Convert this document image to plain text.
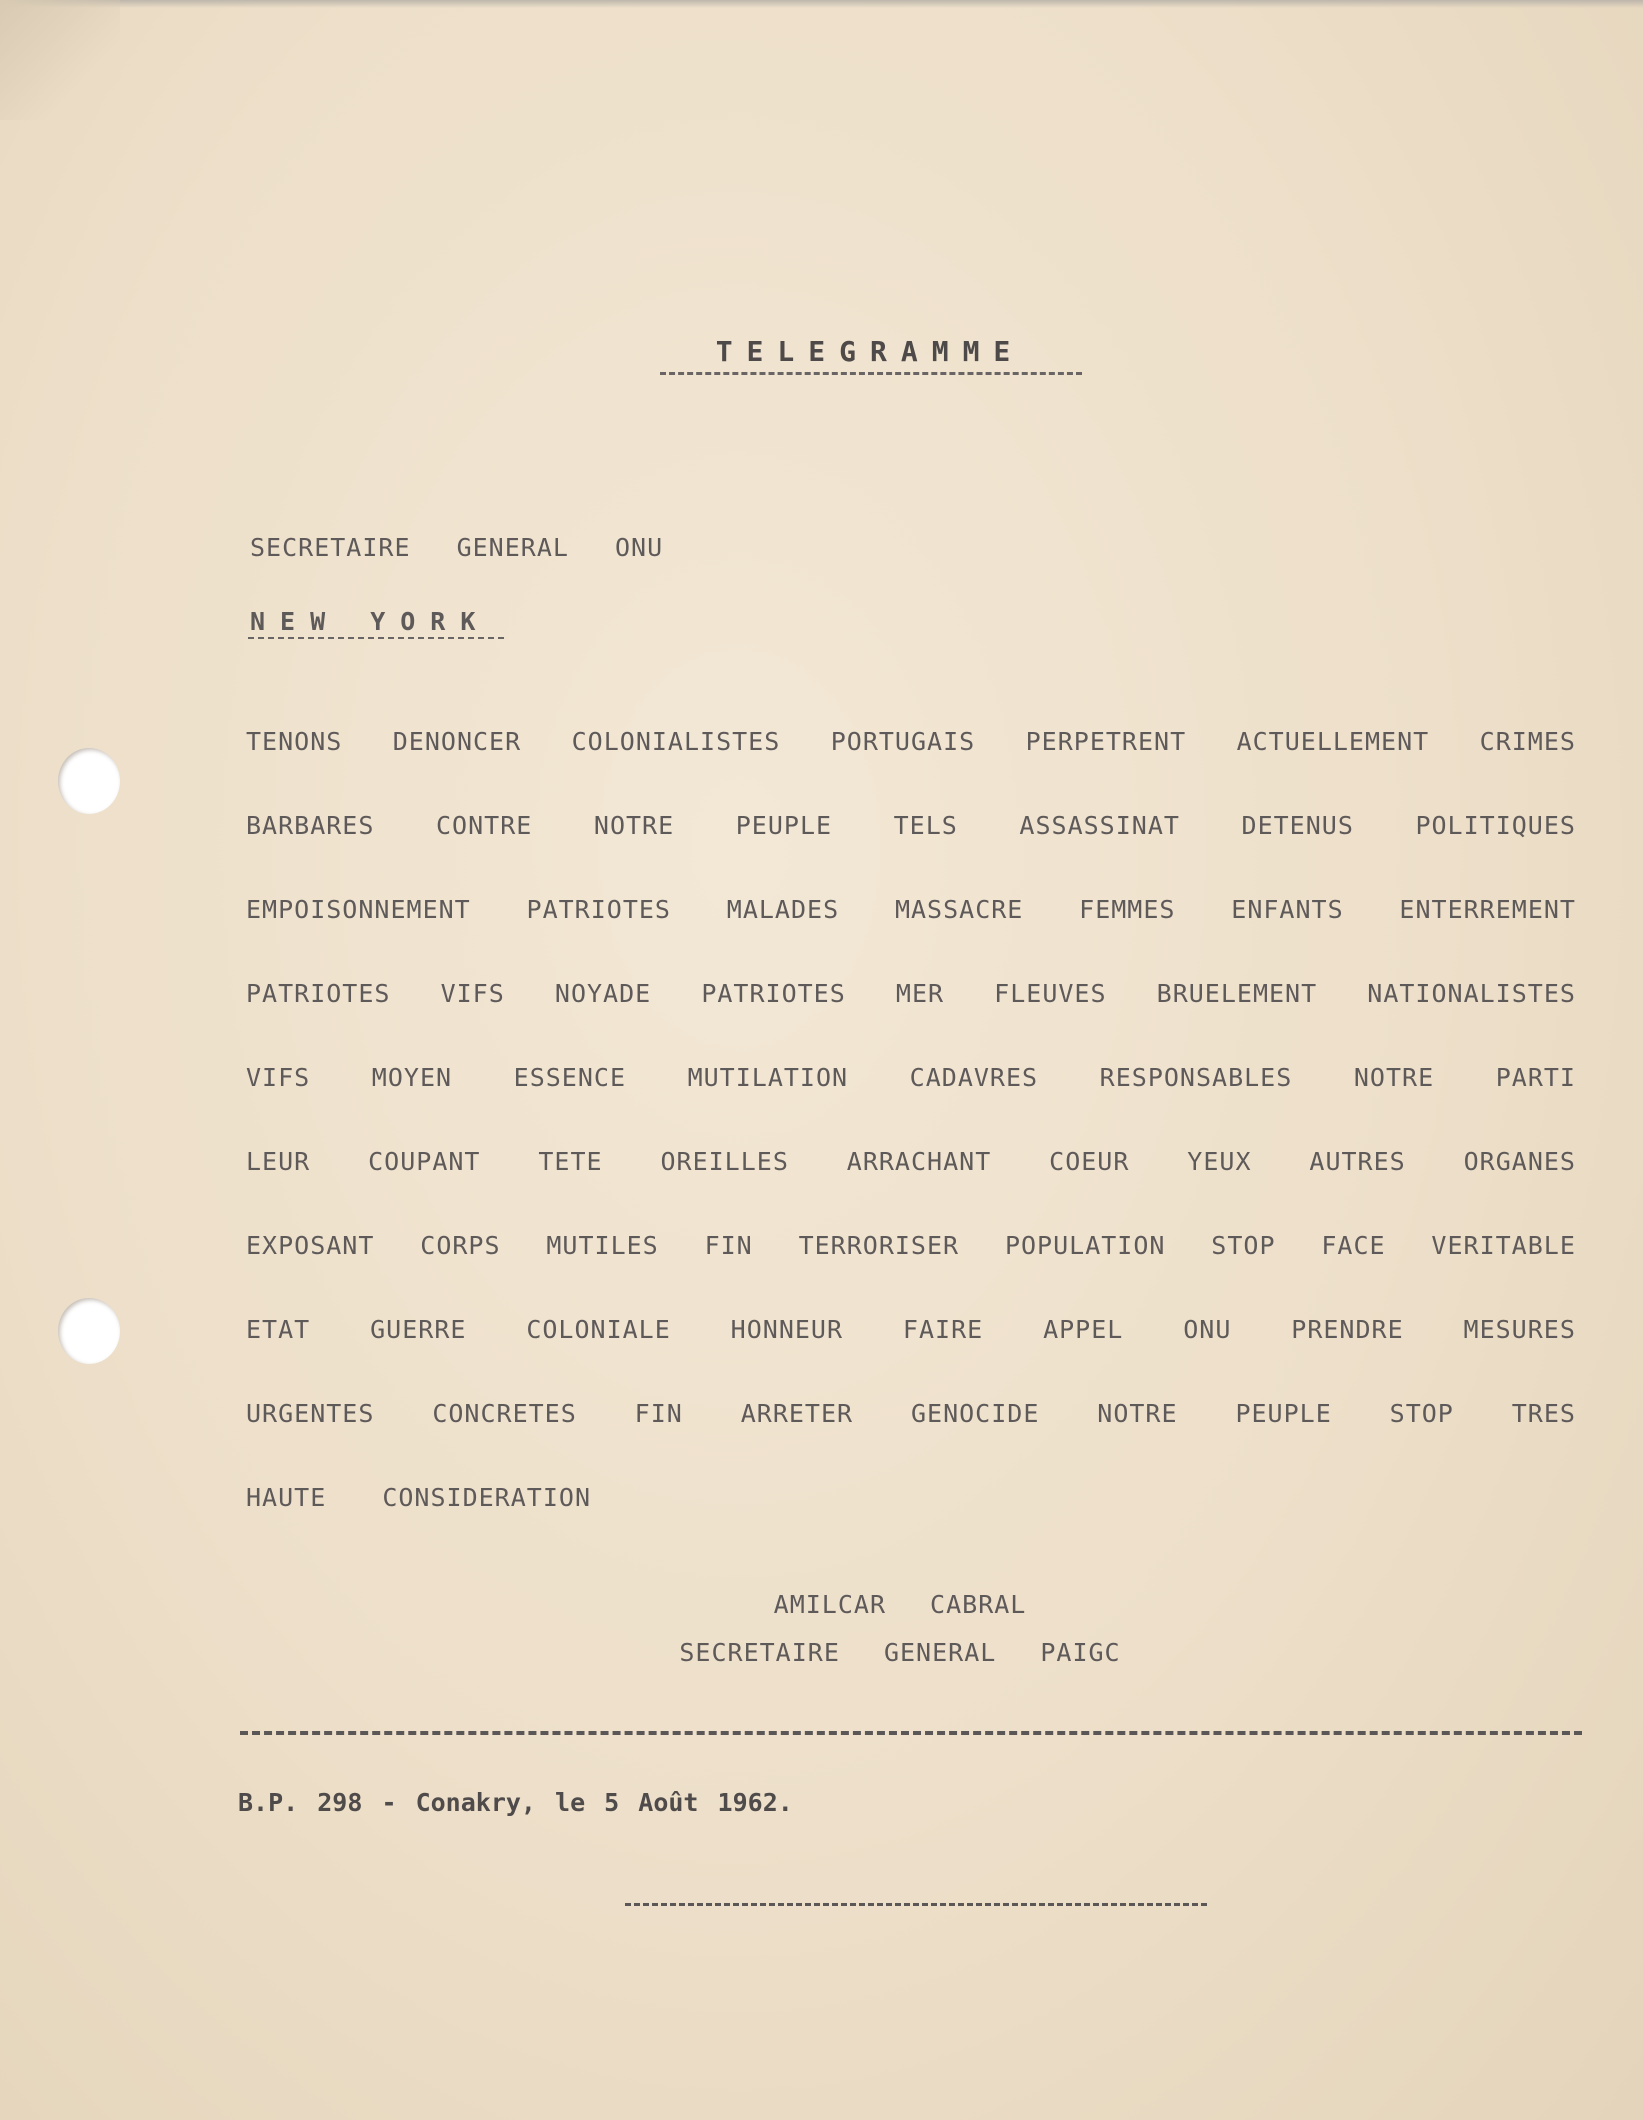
TELEGRAMME
SECRETAIRE GENERAL ONU
NEW YORK
TENONS DENONCER COLONIALISTES PORTUGAIS PERPETRENT ACTUELLEMENT CRIMES
BARBARES CONTRE NOTRE PEUPLE TELS ASSASSINAT DETENUS POLITIQUES
EMPOISONNEMENT PATRIOTES MALADES MASSACRE FEMMES ENFANTS ENTERREMENT
PATRIOTES VIFS NOYADE PATRIOTES MER FLEUVES BRUELEMENT NATIONALISTES
VIFS MOYEN ESSENCE MUTILATION CADAVRES RESPONSABLES NOTRE PARTI
LEUR COUPANT TETE OREILLES ARRACHANT COEUR YEUX AUTRES ORGANES
EXPOSANT CORPS MUTILES FIN TERRORISER POPULATION STOP FACE VERITABLE
ETAT GUERRE COLONIALE HONNEUR FAIRE APPEL ONU PRENDRE MESURES
URGENTES CONCRETES FIN ARRETER GENOCIDE NOTRE PEUPLE STOP TRES
HAUTE
CONSIDERATION
AMILCAR CABRAL
SECRETAIRE GENERAL PAIGC
B.P. 298 - Conakry, le 5 Août 1962.
